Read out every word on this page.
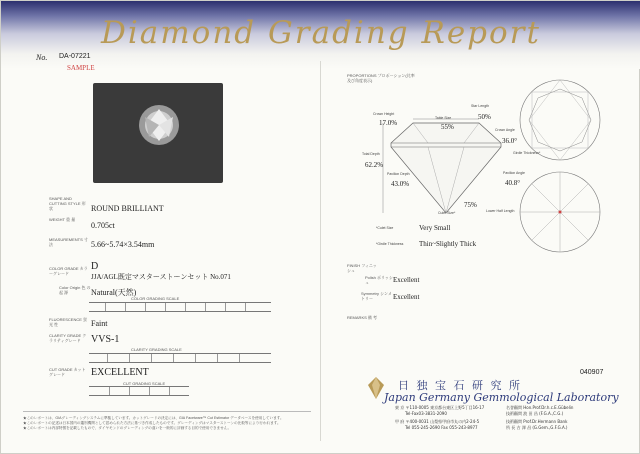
Diamond Grading Report
No. DA-07221
SAMPLE
SHAPE AND CUTTING STYLE 形 状	ROUND BRILLIANT
WEIGHT 重 量
0.705ct
MEASUREMENTS 寸 法	5.66~5.74×3.54mm
COLOR GRADE カラーグレード
D
JJA/AGL既定マスターストーンセット No.071
Color Origin 色 の 起 源	Natural(天然)
COLOR GRADING SCALE
FLUORESCENCE 蛍 光 性	Faint
CLARITY GRADE クラリティグレード	VVS-1
CLARITY GRADING SCALE
CUT GRADE カットグレード	EXCELLENT
CUT GRADING SCALE
★このレポートは、GIAグレーディングシステムに準拠しています。カットグレードの決定には、GIA Facetware™ Cut Estimator データベースを使用しています。
★このレポートの記述は日本国内の鑑別機関として認められた方法に基づき作成したものです。グレーディングはマスターストーンの比較等により行われます。
★このレポートは内部特徴を記載したもので、ダイヤモンドのグレーディングの違いを一般的に評価する目的で使用できません。
PROPORTIONS プロポーション(比率及び角度表示)
Crown Height
17.0%
Table Size
55%
Star Length
50%
Crown Angle
36.0°
Girdle Thickness*
Total Depth
62.2%
Pavilion Depth
43.0%
Pavilion Angle
40.8°
75%
Lower Half Length
Culet Size*
*Culet Size	Very Small
*Girdle Thickness Thin~Slightly Thick
FINISH フィニッシュ
Polish ポリッシュ	Excellent
Symmetry シンメトリー	Excellent
REMARKS 備 考
040907
日 独 宝 石 研 究 所
Japan Germany Gemmological Laboratory
東 京 〒110-0005 東京都台東区上野5丁目16-17
Tel-Fax03-3831-2090
甲 府 〒400-0031 山梨県甲府市丸の内2-24-5
Tel 055-245-2690 Fax 055-243-8977
名誉顧問 Hon.Prof.Dr.h.c.E.Gübelin
技術顧問 波 田 昌 (F.G.A.,C.G.)
技術顧問 Prof.Dr.Hermann Bank
所 長 吉 澤 昌 (G.Gem.,G.F.G.A.)
